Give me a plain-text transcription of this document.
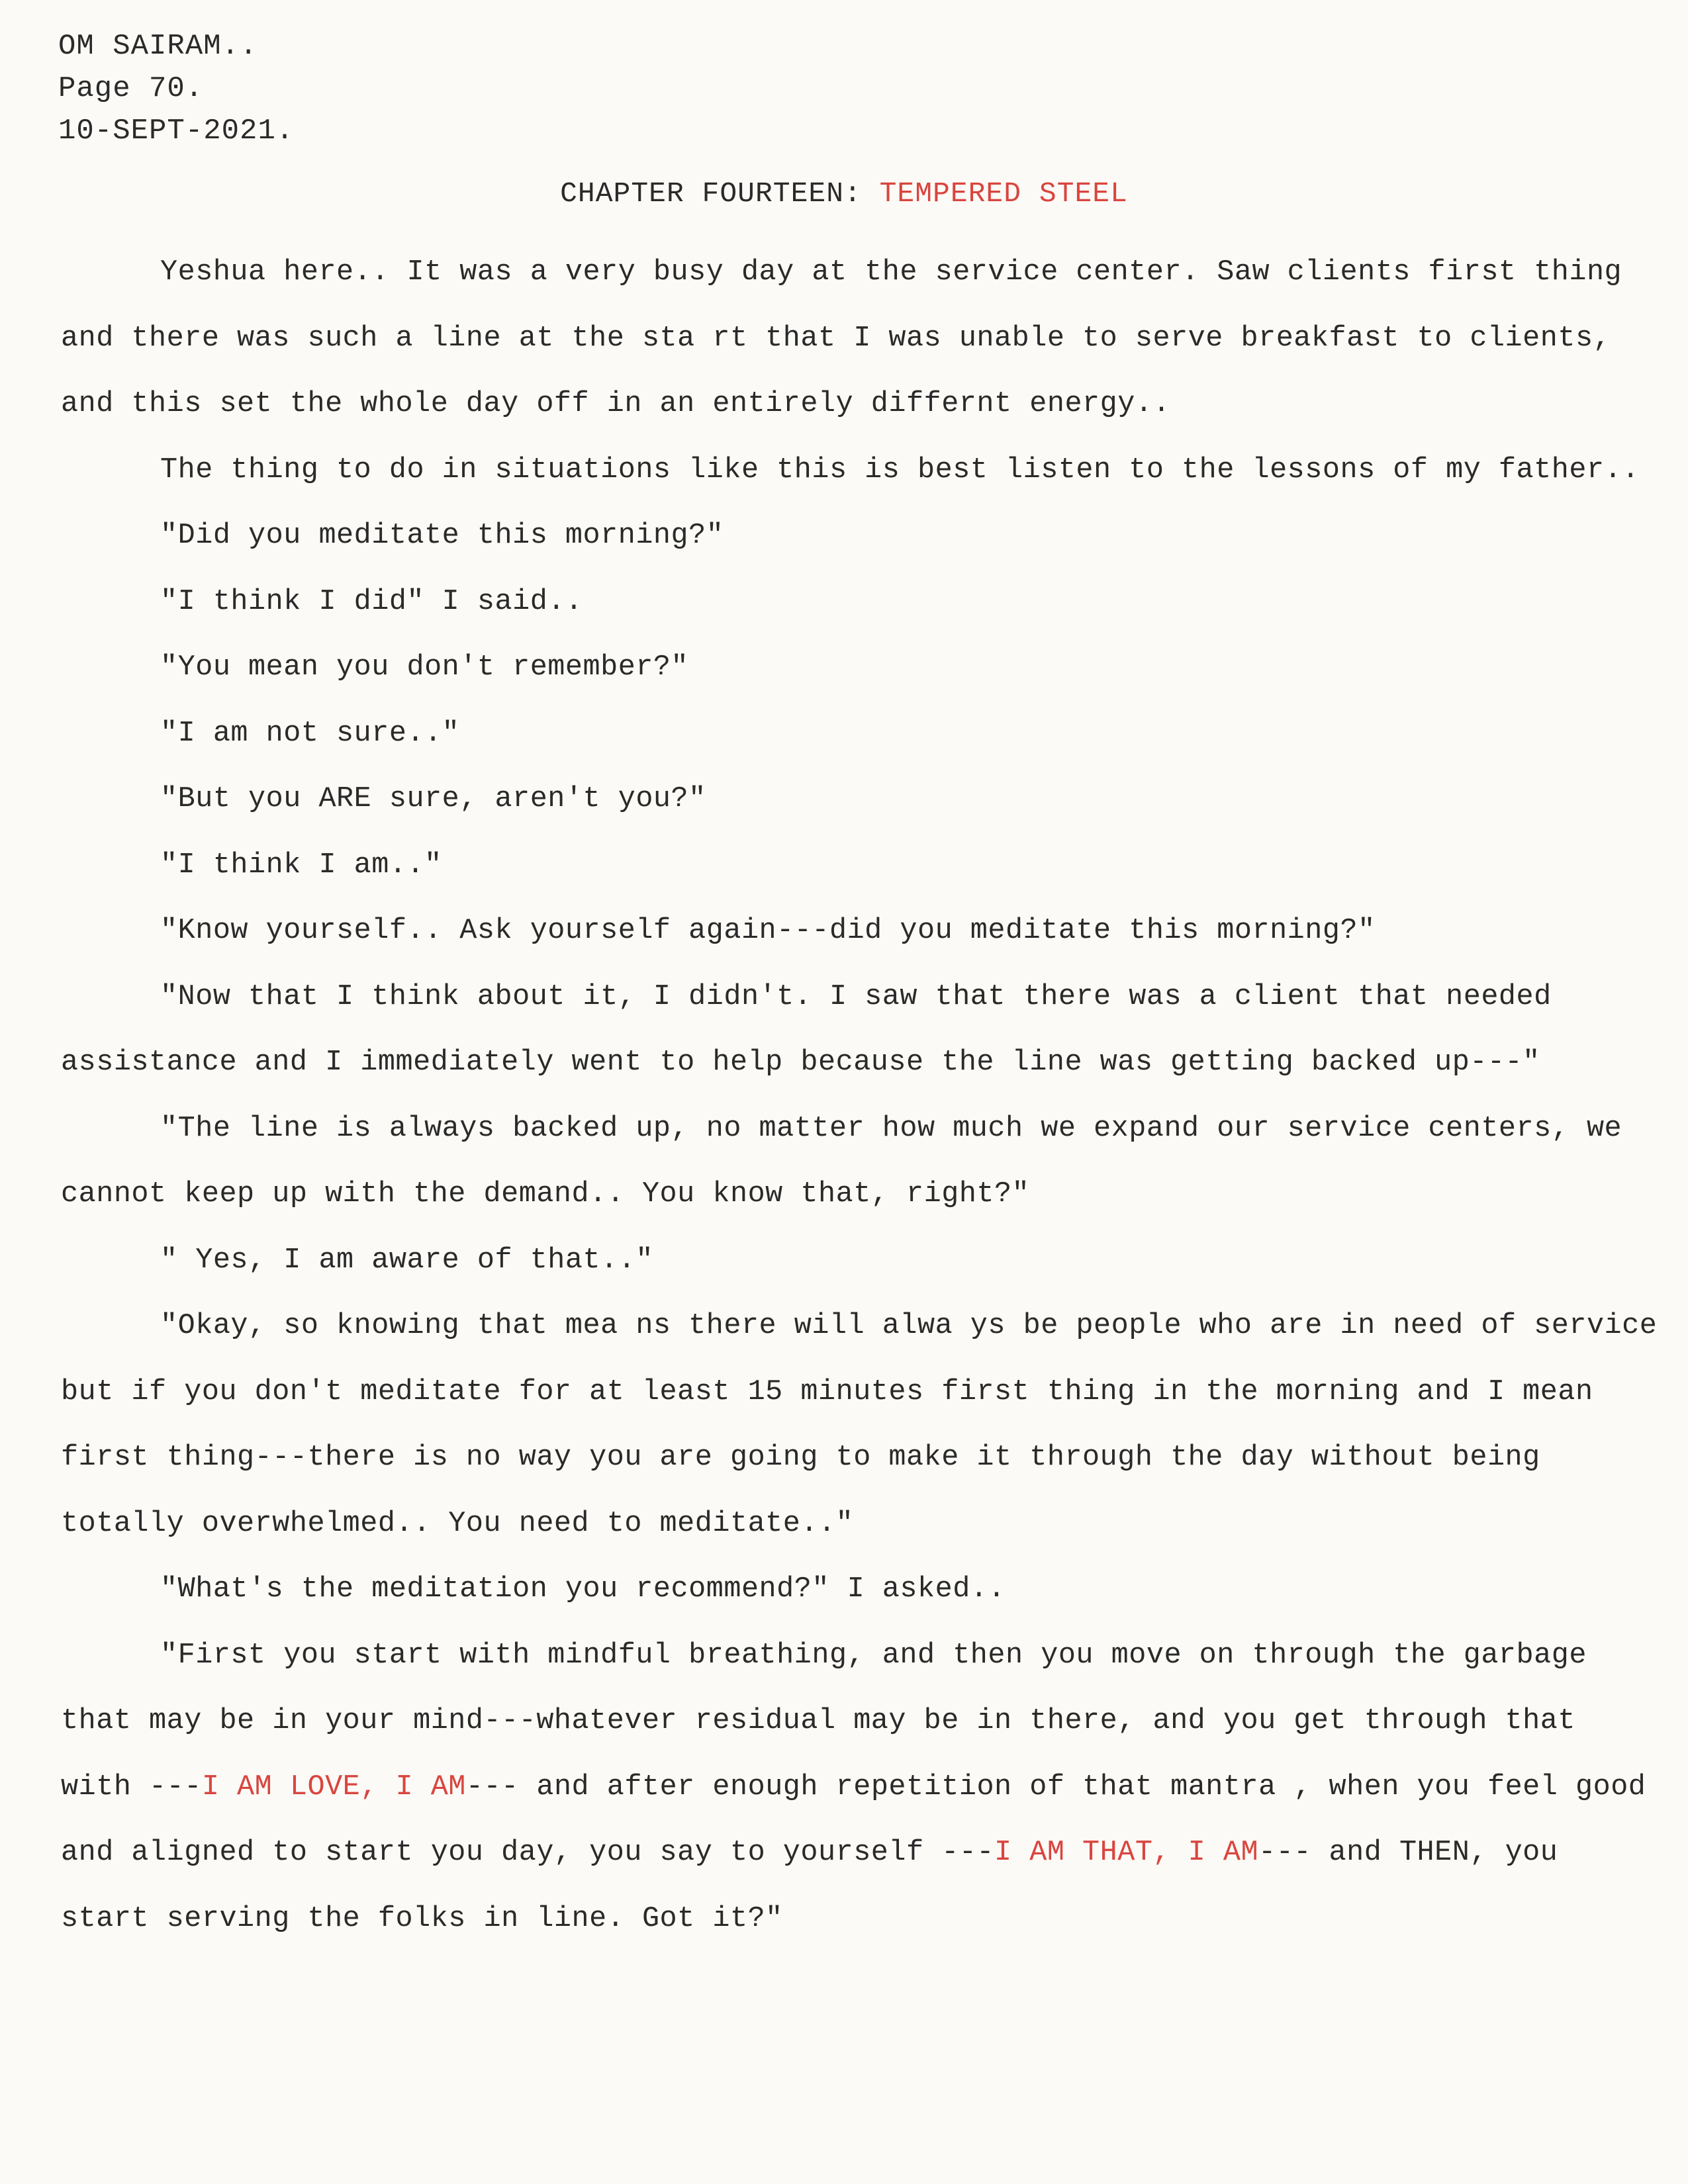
OM SAIRAM..
Page 70.
10-SEPT-2021.
CHAPTER FOURTEEN: TEMPERED STEEL

Yeshua here.. It was a very busy day at the service center. Saw clients first thing and there was such a line at the sta rt that I was unable to serve breakfast to clients, and this set the whole day off in an entirely differnt energy..

The thing to do in situations like this is best listen to the lessons of my father..

"Did you meditate this morning?"

"I think I did" I said..

"You mean you don't remember?"

"I am not sure.."

"But you ARE sure, aren't you?"

"I think I am.."

"Know yourself.. Ask yourself again---did you meditate this morning?"

"Now that I think about it, I didn't. I saw that there was a client that needed assistance and I immediately went to help because the line was getting backed up---"

"The line is always backed up, no matter how much we expand our service centers, we cannot keep up with the demand.. You know that, right?"

" Yes, I am aware of that.."

"Okay, so knowing that mea ns there will alwa ys be people who are in need of service but if you don't meditate for at least 15 minutes first thing in the morning and I mean first thing---there is no way you are going to make it through the day without being totally overwhelmed.. You need to meditate.."

"What's the meditation you recommend?" I asked..

"First you start with mindful breathing, and then you move on through the garbage that may be in your mind---whatever residual may be in there, and you get through that with ---I AM LOVE, I AM--- and after enough repetition of that mantra , when you feel good and aligned to start you day, you say to yourself ---I AM THAT, I AM--- and THEN, you start serving the folks in line. Got it?"
